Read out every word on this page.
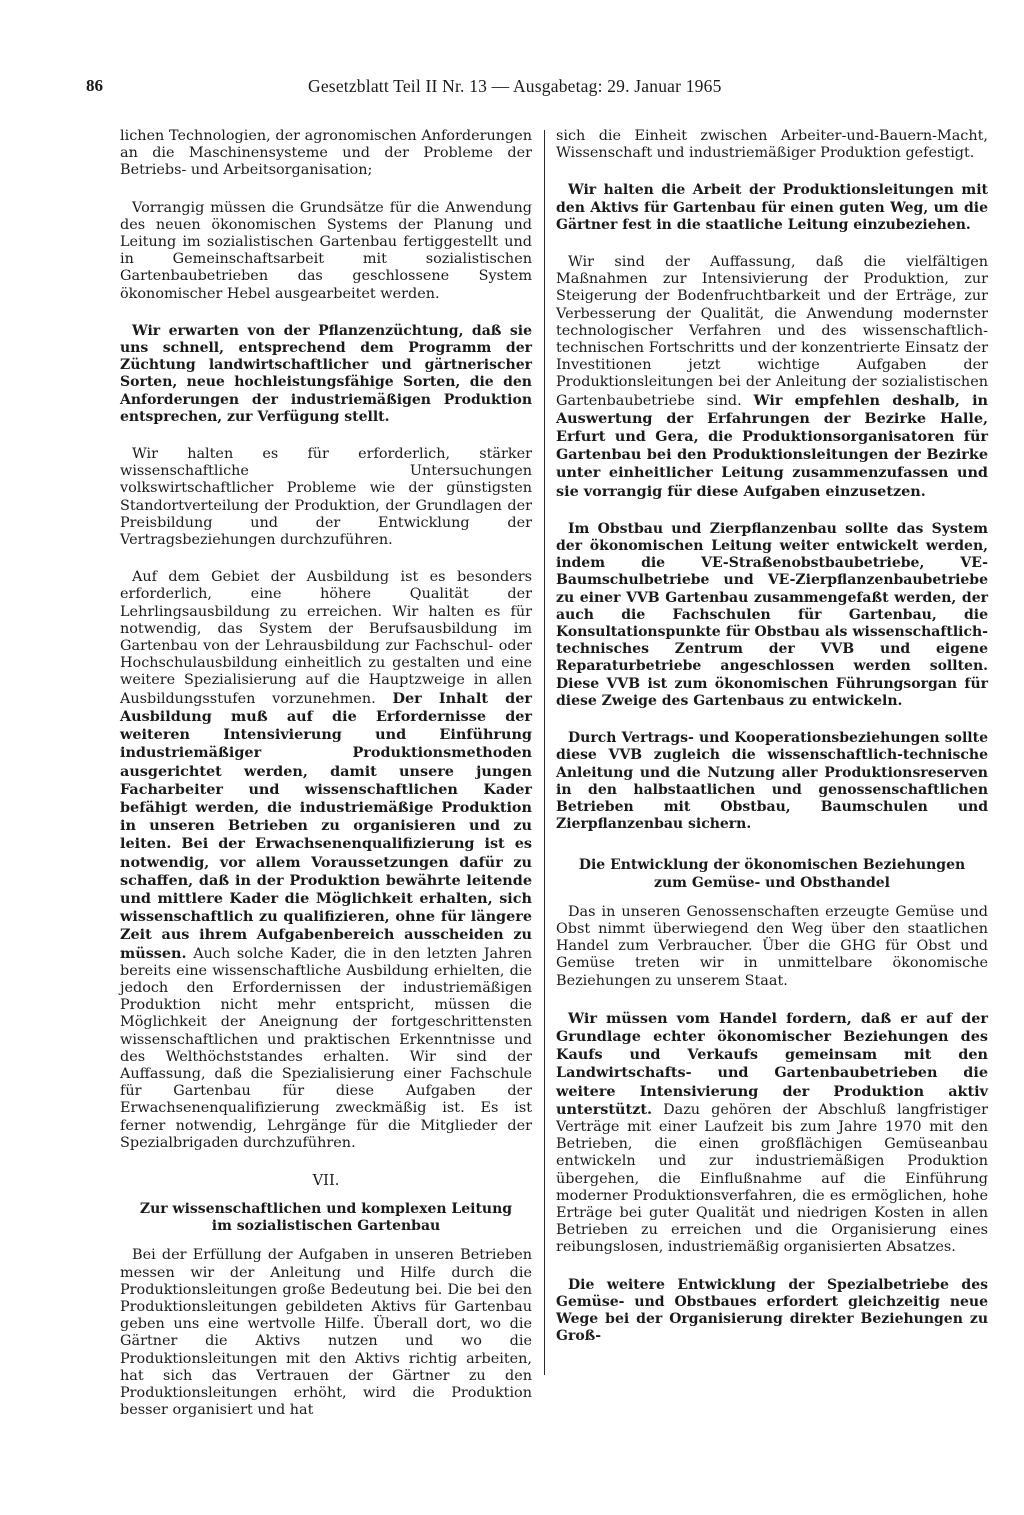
86	Gesetzblatt Teil II Nr. 13 — Ausgabetag: 29. Januar 1965

lichen Technologien, der agronomischen Anforderungen an die Maschinensysteme und der Probleme der Betriebs- und Arbeitsorganisation;

Vorrangig müssen die Grundsätze für die Anwendung des neuen ökonomischen Systems der Planung und Leitung im sozialistischen Gartenbau fertiggestellt und in Gemeinschaftsarbeit mit sozialistischen Gartenbaubetrieben das geschlossene System ökonomischer Hebel ausgearbeitet werden.

Wir erwarten von der Pflanzenzüchtung, daß sie uns schnell, entsprechend dem Programm der Züchtung landwirtschaftlicher und gärtnerischer Sorten, neue hochleistungsfähige Sorten, die den Anforderungen der industriemäßigen Produktion entsprechen, zur Verfügung stellt.

Wir halten es für erforderlich, stärker wissenschaftliche Untersuchungen volkswirtschaftlicher Probleme wie der günstigsten Standortverteilung der Produktion, der Grundlagen der Preisbildung und der Entwicklung der Vertragsbeziehungen durchzuführen.

Auf dem Gebiet der Ausbildung ist es besonders erforderlich, eine höhere Qualität der Lehrlingsausbildung zu erreichen. Wir halten es für notwendig, das System der Berufsausbildung im Gartenbau von der Lehrausbildung zur Fachschul- oder Hochschulausbildung einheitlich zu gestalten und eine weitere Spezialisierung auf die Hauptzweige in allen Ausbildungsstufen vorzunehmen. Der Inhalt der Ausbildung muß auf die Erfordernisse der weiteren Intensivierung und Einführung industriemäßiger Produktionsmethoden ausgerichtet werden, damit unsere jungen Facharbeiter und wissenschaftlichen Kader befähigt werden, die industriemäßige Produktion in unseren Betrieben zu organisieren und zu leiten. Bei der Erwachsenenqualifizierung ist es notwendig, vor allem Voraussetzungen dafür zu schaffen, daß in der Produktion bewährte leitende und mittlere Kader die Möglichkeit erhalten, sich wissenschaftlich zu qualifizieren, ohne für längere Zeit aus ihrem Aufgabenbereich ausscheiden zu müssen. Auch solche Kader, die in den letzten Jahren bereits eine wissenschaftliche Ausbildung erhielten, die jedoch den Erfordernissen der industriemäßigen Produktion nicht mehr entspricht, müssen die Möglichkeit der Aneignung der fortgeschrittensten wissenschaftlichen und praktischen Erkenntnisse und des Welthöchststandes erhalten. Wir sind der Auffassung, daß die Spezialisierung einer Fachschule für Gartenbau für diese Aufgaben der Erwachsenenqualifizierung zweckmäßig ist. Es ist ferner notwendig, Lehrgänge für die Mitglieder der Spezialbrigaden durchzuführen.

VII.
Zur wissenschaftlichen und komplexen Leitung
im sozialistischen Gartenbau

Bei der Erfüllung der Aufgaben in unseren Betrieben messen wir der Anleitung und Hilfe durch die Produktionsleitungen große Bedeutung bei. Die bei den Produktionsleitungen gebildeten Aktivs für Gartenbau geben uns eine wertvolle Hilfe. Überall dort, wo die Gärtner die Aktivs nutzen und wo die Produktionsleitungen mit den Aktivs richtig arbeiten, hat sich das Vertrauen der Gärtner zu den Produktionsleitungen erhöht, wird die Produktion besser organisiert und hat

sich die Einheit zwischen Arbeiter-und-Bauern-Macht, Wissenschaft und industriemäßiger Produktion gefestigt.

Wir halten die Arbeit der Produktionsleitungen mit den Aktivs für Gartenbau für einen guten Weg, um die Gärtner fest in die staatliche Leitung einzubeziehen.

Wir sind der Auffassung, daß die vielfältigen Maßnahmen zur Intensivierung der Produktion, zur Steigerung der Bodenfruchtbarkeit und der Erträge, zur Verbesserung der Qualität, die Anwendung modernster technologischer Verfahren und des wissenschaftlich-technischen Fortschritts und der konzentrierte Einsatz der Investitionen jetzt wichtige Aufgaben der Produktionsleitungen bei der Anleitung der sozialistischen Gartenbaubetriebe sind. Wir empfehlen deshalb, in Auswertung der Erfahrungen der Bezirke Halle, Erfurt und Gera, die Produktionsorganisatoren für Gartenbau bei den Produktionsleitungen der Bezirke unter einheitlicher Leitung zusammenzufassen und sie vorrangig für diese Aufgaben einzusetzen.

Im Obstbau und Zierpflanzenbau sollte das System der ökonomischen Leitung weiter entwickelt werden, indem die VE-Straßenobstbaubetriebe, VE-Baumschulbetriebe und VE-Zierpflanzenbaubetriebe zu einer VVB Gartenbau zusammengefaßt werden, der auch die Fachschulen für Gartenbau, die Konsultationspunkte für Obstbau als wissenschaftlich-technisches Zentrum der VVB und eigene Reparaturbetriebe angeschlossen werden sollten. Diese VVB ist zum ökonomischen Führungsorgan für diese Zweige des Gartenbaus zu entwickeln.

Durch Vertrags- und Kooperationsbeziehungen sollte diese VVB zugleich die wissenschaftlich-technische Anleitung und die Nutzung aller Produktionsreserven in den halbstaatlichen und genossenschaftlichen Betrieben mit Obstbau, Baumschulen und Zierpflanzenbau sichern.

Die Entwicklung der ökonomischen Beziehungen
zum Gemüse- und Obsthandel

Das in unseren Genossenschaften erzeugte Gemüse und Obst nimmt überwiegend den Weg über den staatlichen Handel zum Verbraucher. Über die GHG für Obst und Gemüse treten wir in unmittelbare ökonomische Beziehungen zu unserem Staat.

Wir müssen vom Handel fordern, daß er auf der Grundlage echter ökonomischer Beziehungen des Kaufs und Verkaufs gemeinsam mit den Landwirtschafts- und Gartenbaubetrieben die weitere Intensivierung der Produktion aktiv unterstützt. Dazu gehören der Abschluß langfristiger Verträge mit einer Laufzeit bis zum Jahre 1970 mit den Betrieben, die einen großflächigen Gemüseanbau entwickeln und zur industriemäßigen Produktion übergehen, die Einflußnahme auf die Einführung moderner Produktionsverfahren, die es ermöglichen, hohe Erträge bei guter Qualität und niedrigen Kosten in allen Betrieben zu erreichen und die Organisierung eines reibungslosen, industriemäßig organisierten Absatzes.

Die weitere Entwicklung der Spezialbetriebe des Gemüse- und Obstbaues erfordert gleichzeitig neue Wege bei der Organisierung direkter Beziehungen zu Groß-
